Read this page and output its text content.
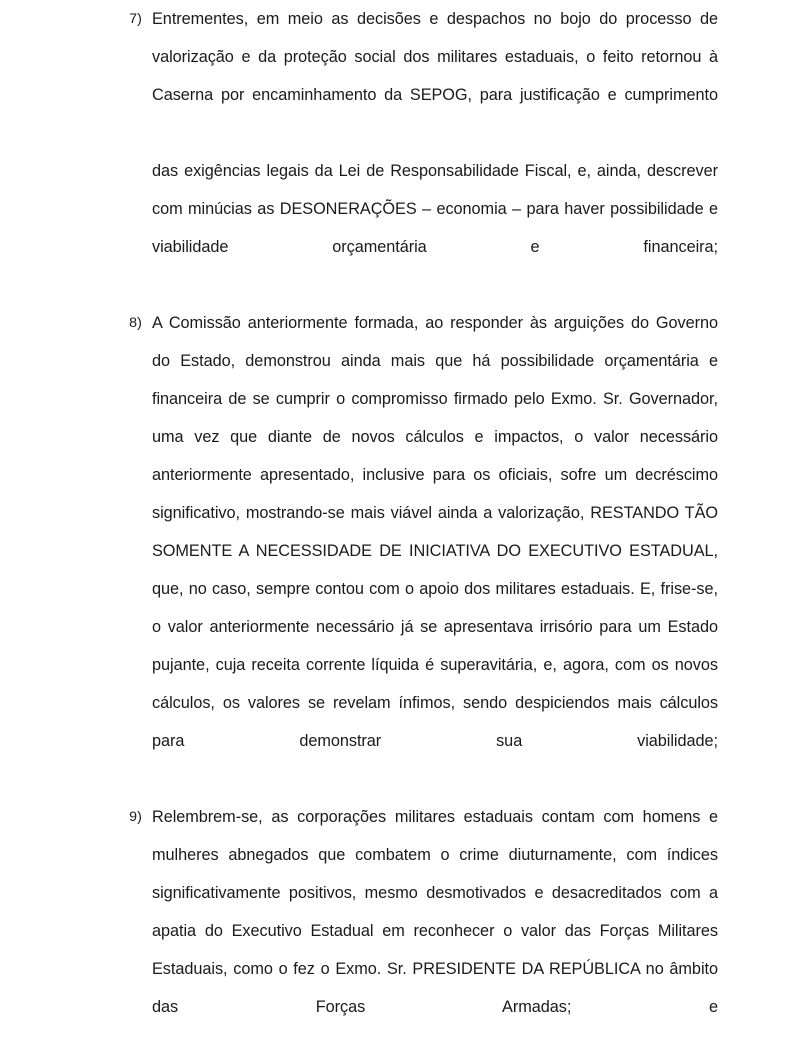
7) Entrementes, em meio as decisões e despachos no bojo do processo de valorização e da proteção social dos militares estaduais, o feito retornou à Caserna por encaminhamento da SEPOG, para justificação e cumprimento

das exigências legais da Lei de Responsabilidade Fiscal, e, ainda, descrever com minúcias as DESONERAÇÕES – economia – para haver possibilidade e viabilidade orçamentária e financeira;

8) A Comissão anteriormente formada, ao responder às arguições do Governo do Estado, demonstrou ainda mais que há possibilidade orçamentária e financeira de se cumprir o compromisso firmado pelo Exmo. Sr. Governador, uma vez que diante de novos cálculos e impactos, o valor necessário anteriormente apresentado, inclusive para os oficiais, sofre um decréscimo significativo, mostrando-se mais viável ainda a valorização, RESTANDO TÃO SOMENTE A NECESSIDADE DE INICIATIVA DO EXECUTIVO ESTADUAL, que, no caso, sempre contou com o apoio dos militares estaduais. E, frise-se, o valor anteriormente necessário já se apresentava irrisório para um Estado pujante, cuja receita corrente líquida é superavitária, e, agora, com os novos cálculos, os valores se revelam ínfimos, sendo despiciendos mais cálculos para demonstrar sua viabilidade;

9) Relembrem-se, as corporações militares estaduais contam com homens e mulheres abnegados que combatem o crime diuturnamente, com índices significativamente positivos, mesmo desmotivados e desacreditados com a apatia do Executivo Estadual em reconhecer o valor das Forças Militares Estaduais, como o fez o Exmo. Sr. PRESIDENTE DA REPÚBLICA no âmbito das Forças Armadas; e
